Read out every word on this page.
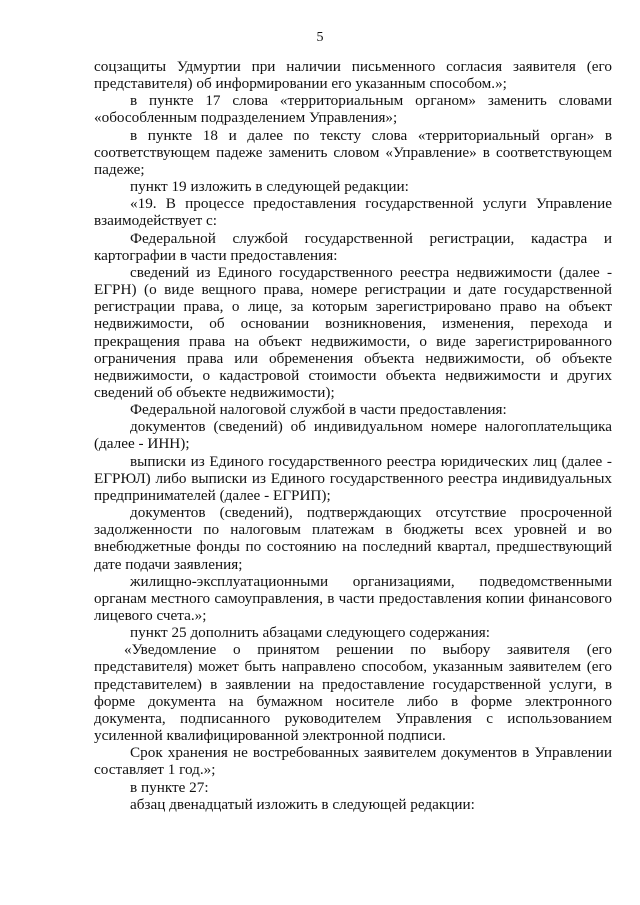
5

соцзащиты Удмуртии при наличии письменного согласия заявителя (его представителя) об информировании его указанным способом.»;

в пункте 17 слова «территориальным органом» заменить словами «обособленным подразделением Управления»;

в пункте 18 и далее по тексту слова «территориальный орган» в соответствующем падеже заменить словом «Управление» в соответствующем падеже;

пункт 19 изложить в следующей редакции:

«19. В процессе предоставления государственной услуги Управление взаимодействует с:

Федеральной службой государственной регистрации, кадастра и картографии в части предоставления:

сведений из Единого государственного реестра недвижимости (далее - ЕГРН) (о виде вещного права, номере регистрации и дате государственной регистрации права, о лице, за которым зарегистрировано право на объект недвижимости, об основании возникновения, изменения, перехода и прекращения права на объект недвижимости, о виде зарегистрированного ограничения права или обременения объекта недвижимости, об объекте недвижимости, о кадастровой стоимости объекта недвижимости и других сведений об объекте недвижимости);

Федеральной налоговой службой в части предоставления:

документов (сведений) об индивидуальном номере налогоплательщика (далее - ИНН);

выписки из Единого государственного реестра юридических лиц (далее - ЕГРЮЛ) либо выписки из Единого государственного реестра индивидуальных предпринимателей (далее - ЕГРИП);

документов (сведений), подтверждающих отсутствие просроченной задолженности по налоговым платежам в бюджеты всех уровней и во внебюджетные фонды по состоянию на последний квартал, предшествующий дате подачи заявления;

жилищно-эксплуатационными организациями, подведомственными органам местного самоуправления, в части предоставления копии финансового лицевого счета.»;

пункт 25 дополнить абзацами следующего содержания:

«Уведомление о принятом решении по выбору заявителя (его представителя) может быть направлено способом, указанным заявителем (его представителем) в заявлении на предоставление государственной услуги, в форме документа на бумажном носителе либо в форме электронного документа, подписанного руководителем Управления с использованием усиленной квалифицированной электронной подписи.

Срок хранения не востребованных заявителем документов в Управлении составляет 1 год.»;

в пункте 27:

абзац двенадцатый изложить в следующей редакции:
